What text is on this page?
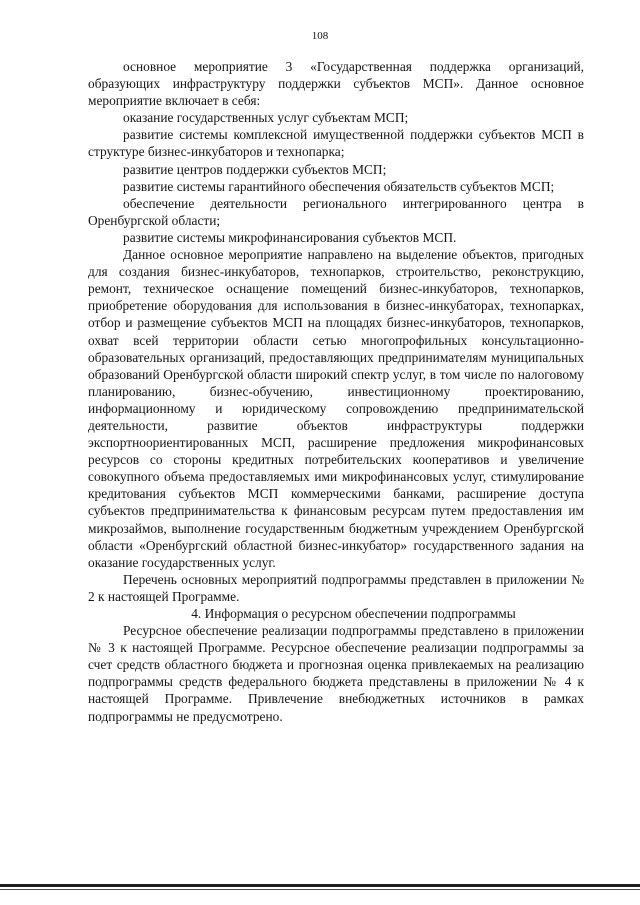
108

основное мероприятие 3 «Государственная поддержка организаций, образующих инфраструктуру поддержки субъектов МСП». Данное основное мероприятие включает в себя:

оказание государственных услуг субъектам МСП;

развитие системы комплексной имущественной поддержки субъектов МСП в структуре бизнес-инкубаторов и технопарка;

развитие центров поддержки субъектов МСП;

развитие системы гарантийного обеспечения обязательств субъектов МСП;

обеспечение деятельности регионального интегрированного центра в Оренбургской области;

развитие системы микрофинансирования субъектов МСП.

Данное основное мероприятие направлено на выделение объектов, пригодных для создания бизнес-инкубаторов, технопарков, строительство, реконструкцию, ремонт, техническое оснащение помещений бизнес-инкубаторов, технопарков, приобретение оборудования для использования в бизнес-инкубаторах, технопарках, отбор и размещение субъектов МСП на площадях бизнес-инкубаторов, технопарков, охват всей территории области сетью многопрофильных консультационно-образовательных организаций, предоставляющих предпринимателям муниципальных образований Оренбургской области широкий спектр услуг, в том числе по налоговому планированию, бизнес-обучению, инвестиционному проектированию, информационному и юридическому сопровождению предпринимательской деятельности, развитие объектов инфраструктуры поддержки экспортноориентированных МСП, расширение предложения микрофинансовых ресурсов со стороны кредитных потребительских кооперативов и увеличение совокупного объема предоставляемых ими микрофинансовых услуг, стимулирование кредитования субъектов МСП коммерческими банками, расширение доступа субъектов предпринимательства к финансовым ресурсам путем предоставления им микрозаймов, выполнение государственным бюджетным учреждением Оренбургской области «Оренбургский областной бизнес-инкубатор» государственного задания на оказание государственных услуг.

Перечень основных мероприятий подпрограммы представлен в приложении № 2 к настоящей Программе.

4. Информация о ресурсном обеспечении подпрограммы

Ресурсное обеспечение реализации подпрограммы представлено в приложении № 3 к настоящей Программе. Ресурсное обеспечение реализации подпрограммы за счет средств областного бюджета и прогнозная оценка привлекаемых на реализацию подпрограммы средств федерального бюджета представлены в приложении № 4 к настоящей Программе. Привлечение внебюджетных источников в рамках подпрограммы не предусмотрено.
